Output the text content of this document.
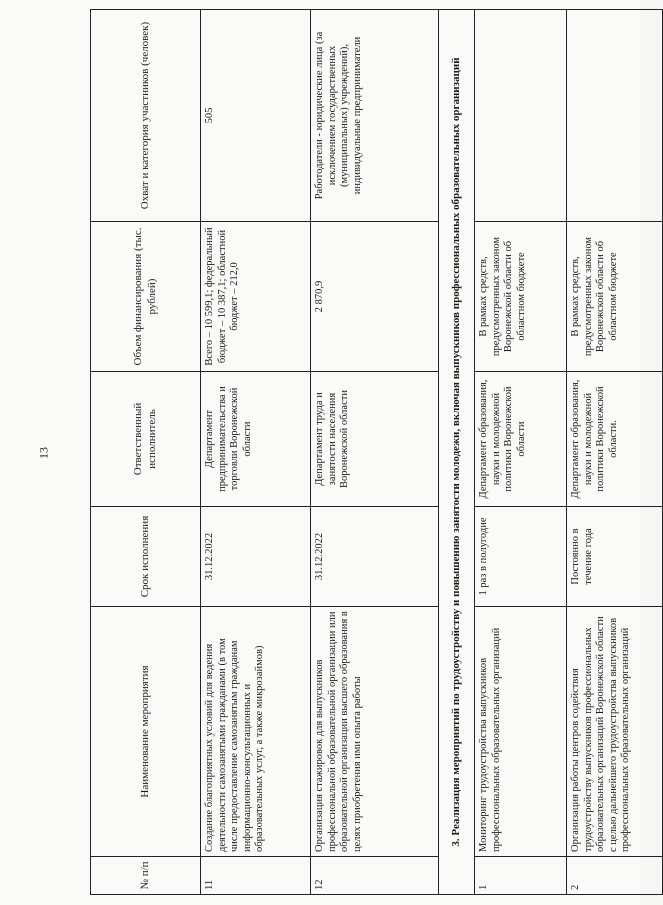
13
№ п/п	Наименование мероприятия	Срок исполнения	Ответственный исполнитель	Объем финансирования (тыс. рублей)	Охват и категория участников (человек)
11	Создание благоприятных условий для ведения деятельности самозанятыми гражданами (в том числе предоставление самозанятым гражданам информационно-консультационных и образовательных услуг, а также микрозаймов)	31.12.2022	Департамент предпринимательства и торговли Воронежской области	Всего – 10 599,1; федеральный бюджет – 10 387,1; областной бюджет – 212,0	505
12	Организация стажировок для выпускников профессиональной образовательной организации или образовательной организации высшего образования в целях приобретения ими опыта работы	31.12.2022	Департамент труда и занятости населения Воронежской области	2 870,9	Работодатели - юридические лица (за исключением государственных (муниципальных) учреждений), индивидуальные предприниматели
3. Реализация мероприятий по трудоустройству и повышению занятости молодежи, включая выпускников профессиональных образовательных организаций					
1	Мониторинг трудоустройства выпускников профессиональных образовательных организаций	1 раз в полугодие	Департамент образования, науки и молодежной политики Воронежской области	В рамках средств, предусмотренных законом Воронежской области об областном бюджете	
2	Организация работы центров содействия трудоустройству выпускников профессиональных образовательных организаций Воронежской области с целью дальнейшего трудоустройства выпускников профессиональных образовательных организаций	Постоянно в течение года	Департамент образования, науки и молодежной политики Воронежской области.	В рамках средств, предусмотренных законом Воронежской области об областном бюджете	
